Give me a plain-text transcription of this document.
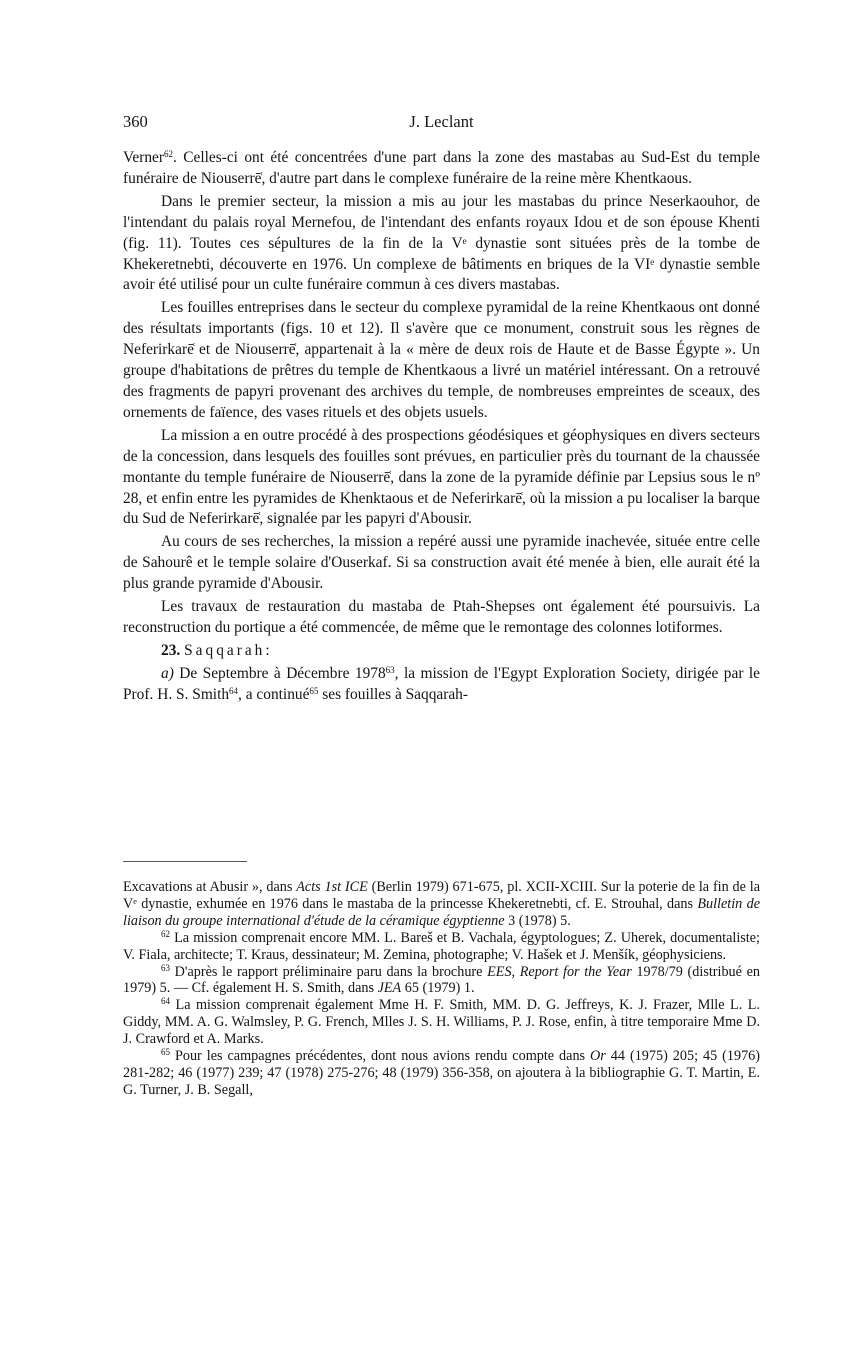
360	J. Leclant

Verner$^{62}$. Celles-ci ont été concentrées d'une part dans la zone des mastabas au Sud-Est du temple funéraire de Niouserrē͑, d'autre part dans le complexe funéraire de la reine mère Khentkaous.

Dans le premier secteur, la mission a mis au jour les mastabas du prince Neserkaouhor, de l'intendant du palais royal Mernefou, de l'intendant des enfants royaux Idou et de son épouse Khenti (fig. 11). Toutes ces sépultures de la fin de la Vᵉ dynastie sont situées près de la tombe de Khekeretnebti, découverte en 1976. Un complexe de bâtiments en briques de la VIᵉ dynastie semble avoir été utilisé pour un culte funéraire commun à ces divers mastabas.

Les fouilles entreprises dans le secteur du complexe pyramidal de la reine Khentkaous ont donné des résultats importants (figs. 10 et 12). Il s'avère que ce monument, construit sous les règnes de Neferirkarē͑ et de Niouserrē͑, appartenait à la « mère de deux rois de Haute et de Basse Égypte ». Un groupe d'habitations de prêtres du temple de Khentkaous a livré un matériel intéressant. On a retrouvé des fragments de papyri provenant des archives du temple, de nombreuses empreintes de sceaux, des ornements de faïence, des vases rituels et des objets usuels.

La mission a en outre procédé à des prospections géodésiques et géophysiques en divers secteurs de la concession, dans lesquels des fouilles sont prévues, en particulier près du tournant de la chaussée montante du temple funéraire de Niouserrē͑, dans la zone de la pyramide définie par Lepsius sous le nº 28, et enfin entre les pyramides de Khenktaous et de Neferirkarē͑, où la mission a pu localiser la barque du Sud de Neferirkarē͑, signalée par les papyri d'Abousir.

Au cours de ses recherches, la mission a repéré aussi une pyramide inachevée, située entre celle de Sahourê et le temple solaire d'Ouserkaf. Si sa construction avait été menée à bien, elle aurait été la plus grande pyramide d'Abousir.

Les travaux de restauration du mastaba de Ptah-Shepses ont également été poursuivis. La reconstruction du portique a été commencée, de même que le remontage des colonnes lotiformes.

23. Saqqarah:

a) De Septembre à Décembre 1978$^{63}$, la mission de l'Egypt Exploration Society, dirigée par le Prof. H. S. Smith$^{64}$, a continué$^{65}$ ses fouilles à Saqqarah-

Excavations at Abusir », dans Acts 1st ICE (Berlin 1979) 671-675, pl. XCII-XCIII. Sur la poterie de la fin de la Vᵉ dynastie, exhumée en 1976 dans le mastaba de la princesse Khekeretnebti, cf. E. Strouhal, dans Bulletin de liaison du groupe international d'étude de la céramique égyptienne 3 (1978) 5.

$^{62}$ La mission comprenait encore MM. L. Bareš et B. Vachala, égyptologues; Z. Uherek, documentaliste; V. Fiala, architecte; T. Kraus, dessinateur; M. Zemina, photographe; V. Hašek et J. Menšík, géophysiciens.

$^{63}$ D'après le rapport préliminaire paru dans la brochure EES, Report for the Year 1978/79 (distribué en 1979) 5. — Cf. également H. S. Smith, dans JEA 65 (1979) 1.

$^{64}$ La mission comprenait également Mme H. F. Smith, MM. D. G. Jeffreys, K. J. Frazer, Mlle L. L. Giddy, MM. A. G. Walmsley, P. G. French, Mlles J. S. H. Williams, P. J. Rose, enfin, à titre temporaire Mme D. J. Crawford et A. Marks.

$^{65}$ Pour les campagnes précédentes, dont nous avions rendu compte dans Or 44 (1975) 205; 45 (1976) 281-282; 46 (1977) 239; 47 (1978) 275-276; 48 (1979) 356-358, on ajoutera à la bibliographie G. T. Martin, E. G. Turner, J. B. Segall,
